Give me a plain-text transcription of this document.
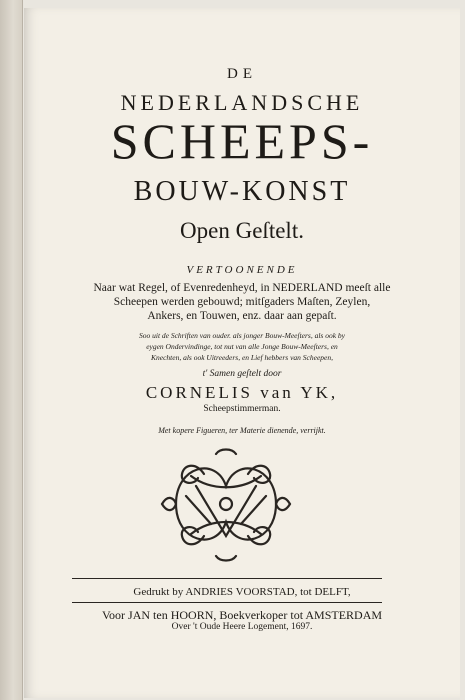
DE
NEDERLANDSCHE
SCHEEPS-
BOUW-KONST
Open Geſtelt.
VERTOONENDE
Naar wat Regel, of Evenredenheyd, in NEDERLAND meeſt alle
Scheepen werden gebouwd; mitſgaders Maſten, Zeylen,
Ankers, en Touwen, enz. daar aan gepaſt.
Soo uit de Schriften van ouder. als jonger Bouw-Meeſters, als ook by
eygen Ondervindinge, tot nut van alle Jonge Bouw-Meeſters, en
Knechten, als ook Uitreeders, en Lief hebbers van Scheepen,
t' Samen geſtelt door
CORNELIS van YK,
Scheepstimmerman.
Met kopere Figueren, ter Materie dienende, verrijkt.
Gedrukt by ANDRIES VOORSTAD, tot DELFT,
Voor JAN ten HOORN, Boekverkoper tot AMSTERDAM
Over 't Oude Heere Logement, 1697.
